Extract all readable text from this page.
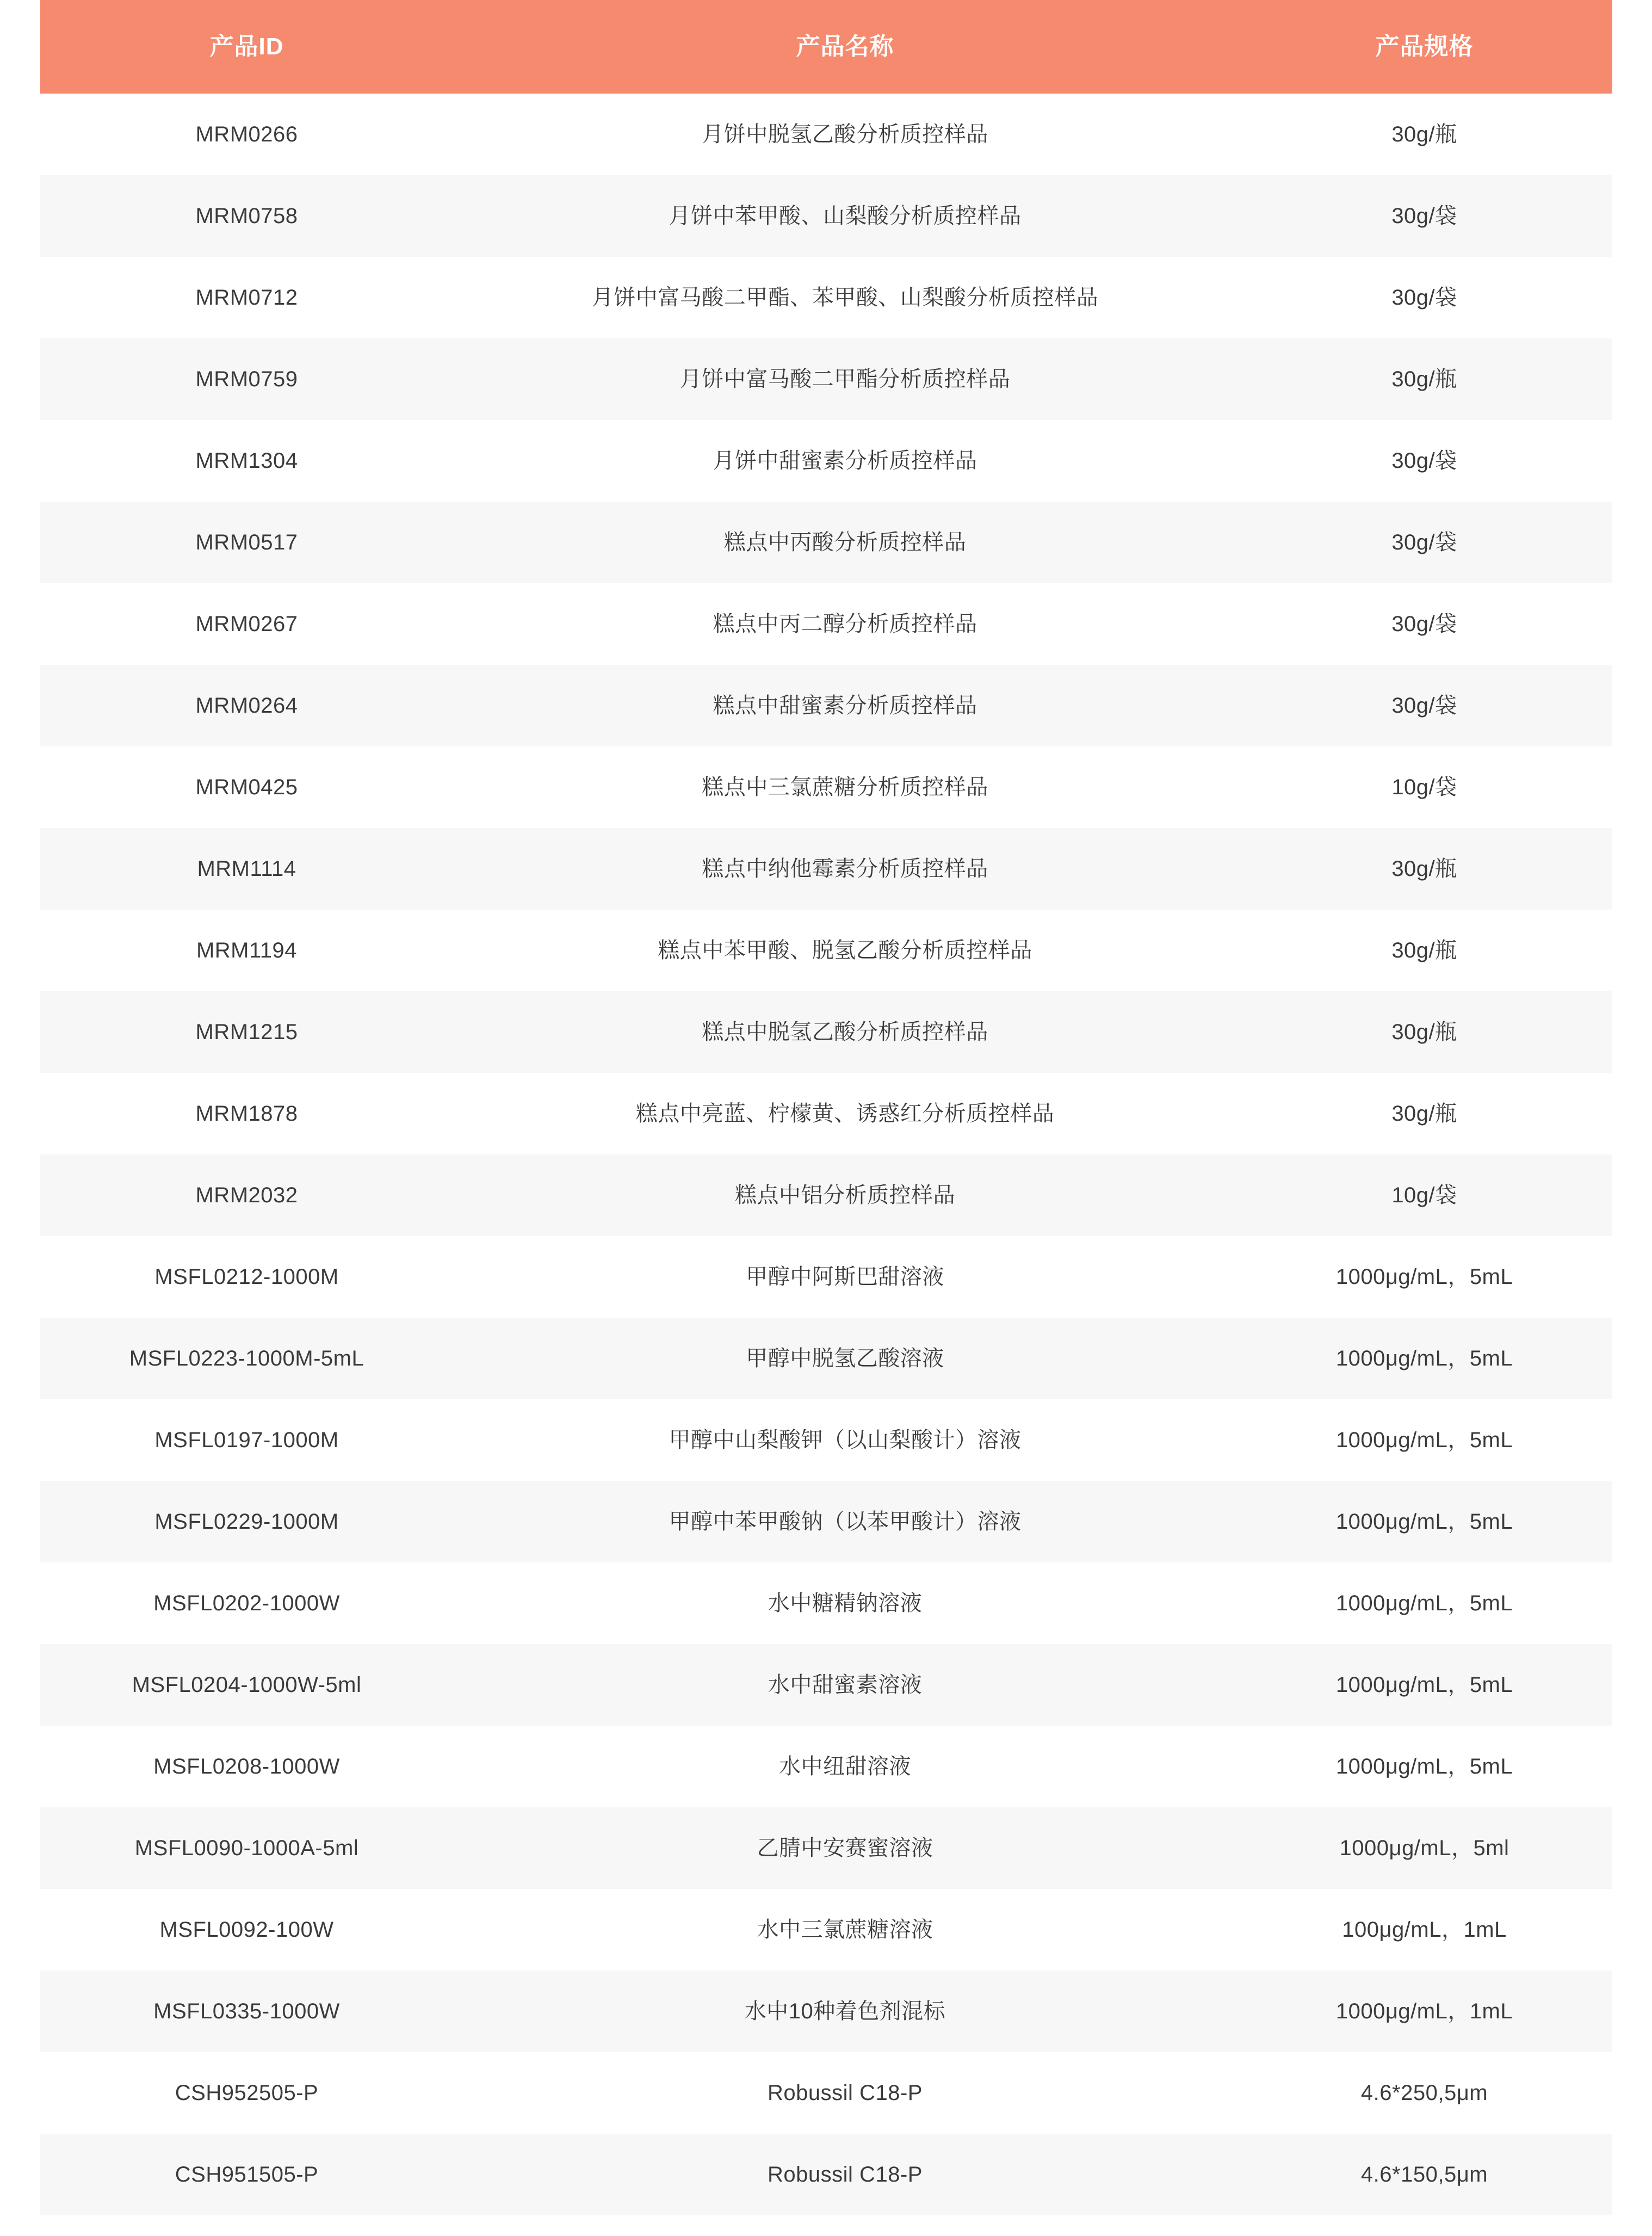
产品ID	产品名称	产品规格
MRM0266	月饼中脱氢乙酸分析质控样品	30g/瓶
MRM0758	月饼中苯甲酸、山梨酸分析质控样品	30g/袋
MRM0712	月饼中富马酸二甲酯、苯甲酸、山梨酸分析质控样品	30g/袋
MRM0759	月饼中富马酸二甲酯分析质控样品	30g/瓶
MRM1304	月饼中甜蜜素分析质控样品	30g/袋
MRM0517	糕点中丙酸分析质控样品	30g/袋
MRM0267	糕点中丙二醇分析质控样品	30g/袋
MRM0264	糕点中甜蜜素分析质控样品	30g/袋
MRM0425	糕点中三氯蔗糖分析质控样品	10g/袋
MRM1114	糕点中纳他霉素分析质控样品	30g/瓶
MRM1194	糕点中苯甲酸、脱氢乙酸分析质控样品	30g/瓶
MRM1215	糕点中脱氢乙酸分析质控样品	30g/瓶
MRM1878	糕点中亮蓝、柠檬黄、诱惑红分析质控样品	30g/瓶
MRM2032	糕点中铝分析质控样品	10g/袋
MSFL0212-1000M	甲醇中阿斯巴甜溶液	1000μg/mL，5mL
MSFL0223-1000M-5mL	甲醇中脱氢乙酸溶液	1000μg/mL，5mL
MSFL0197-1000M	甲醇中山梨酸钾（以山梨酸计）溶液	1000μg/mL，5mL
MSFL0229-1000M	甲醇中苯甲酸钠（以苯甲酸计）溶液	1000μg/mL，5mL
MSFL0202-1000W	水中糖精钠溶液	1000μg/mL，5mL
MSFL0204-1000W-5ml	水中甜蜜素溶液	1000μg/mL，5mL
MSFL0208-1000W	水中纽甜溶液	1000μg/mL，5mL
MSFL0090-1000A-5ml	乙腈中安赛蜜溶液	1000μg/mL，5ml
MSFL0092-100W	水中三氯蔗糖溶液	100μg/mL，1mL
MSFL0335-1000W	水中10种着色剂混标	1000μg/mL，1mL
CSH952505-P	Robussil C18-P	4.6*250,5μm
CSH951505-P	Robussil C18-P	4.6*150,5μm
